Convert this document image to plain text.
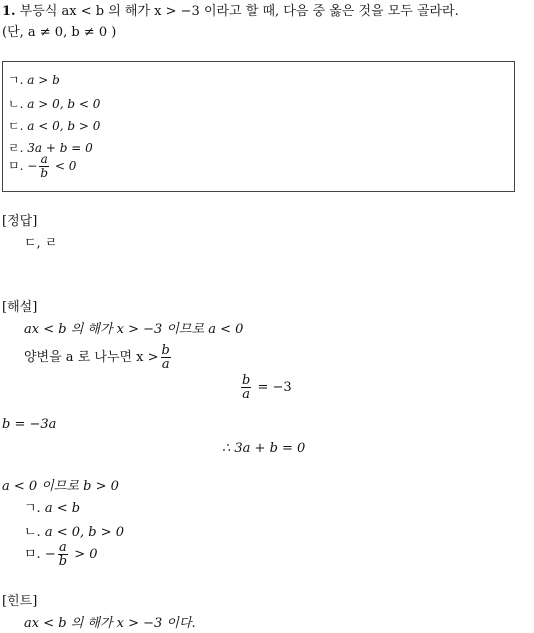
1. 부등식 ax < b 의 해가 x > −3 이라고 할 때, 다음 중 옳은 것을 모두 골라라.
(단, a ≠ 0, b ≠ 0 )
ㄱ. a > b
ㄴ. a > 0, b < 0
ㄷ. a < 0, b > 0
ㄹ. 3a + b = 0
ㅁ. − $\frac{a}{b} < 0$
[정답]
ㄷ, ㄹ
[해설]
ax < b 의 해가 x > −3 이므로 a < 0
양변을 a 로 나누면 $x > \frac{b}{a}$
$\frac{b}{a} = -3$
b = −3a
∴ 3a + b = 0
a < 0 이므로 b > 0
ㄱ. a < b
ㄴ. a < 0, b > 0
ㅁ. − $\frac{a}{b} > 0$
[힌트]
ax < b 의 해가 x > −3 이다.
